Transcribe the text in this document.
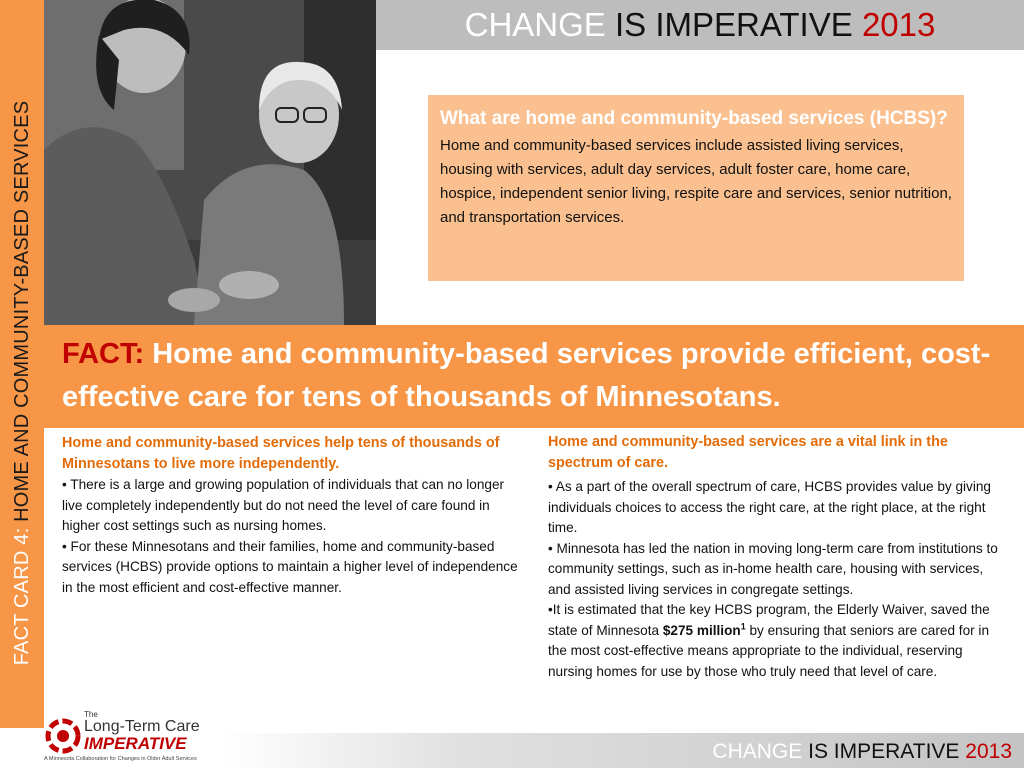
FACT CARD 4: HOME AND COMMUNITY-BASED SERVICES
CHANGE IS IMPERATIVE 2013
What are home and community-based services (HCBS)?

Home and community-based services include assisted living services, housing with services, adult day services, adult foster care, home care, hospice, independent senior living, respite care and services, senior nutrition, and transportation services.

FACT: Home and community-based services provide efficient, cost-effective care for tens of thousands of Minnesotans.
Home and community-based services help tens of thousands of Minnesotans to live more independently.
• There is a large and growing population of individuals that can no longer live completely independently but do not need the level of care found in higher cost settings such as nursing homes.
• For these Minnesotans and their families, home and community-based services (HCBS) provide options to maintain a higher level of independence in the most efficient and cost-effective manner.
Home and community-based services are a vital link in the spectrum of care.
• As a part of the overall spectrum of care, HCBS provides value by giving individuals choices to access the right care, at the right place, at the right time.
• Minnesota has led the nation in moving long-term care from institutions to community settings, such as in-home health care, housing with services, and assisted living services in congregate settings.
•It is estimated that the key HCBS program, the Elderly Waiver, saved the state of Minnesota $275 million$^1$ by ensuring that seniors are cared for in the most cost-effective means appropriate to the individual, reserving nursing homes for use by those who truly need that level of care.
CHANGE IS IMPERATIVE 2013
The
Long-Term Care
IMPERATIVE
A Minnesota Collaboration for Changes in Older Adult Services
